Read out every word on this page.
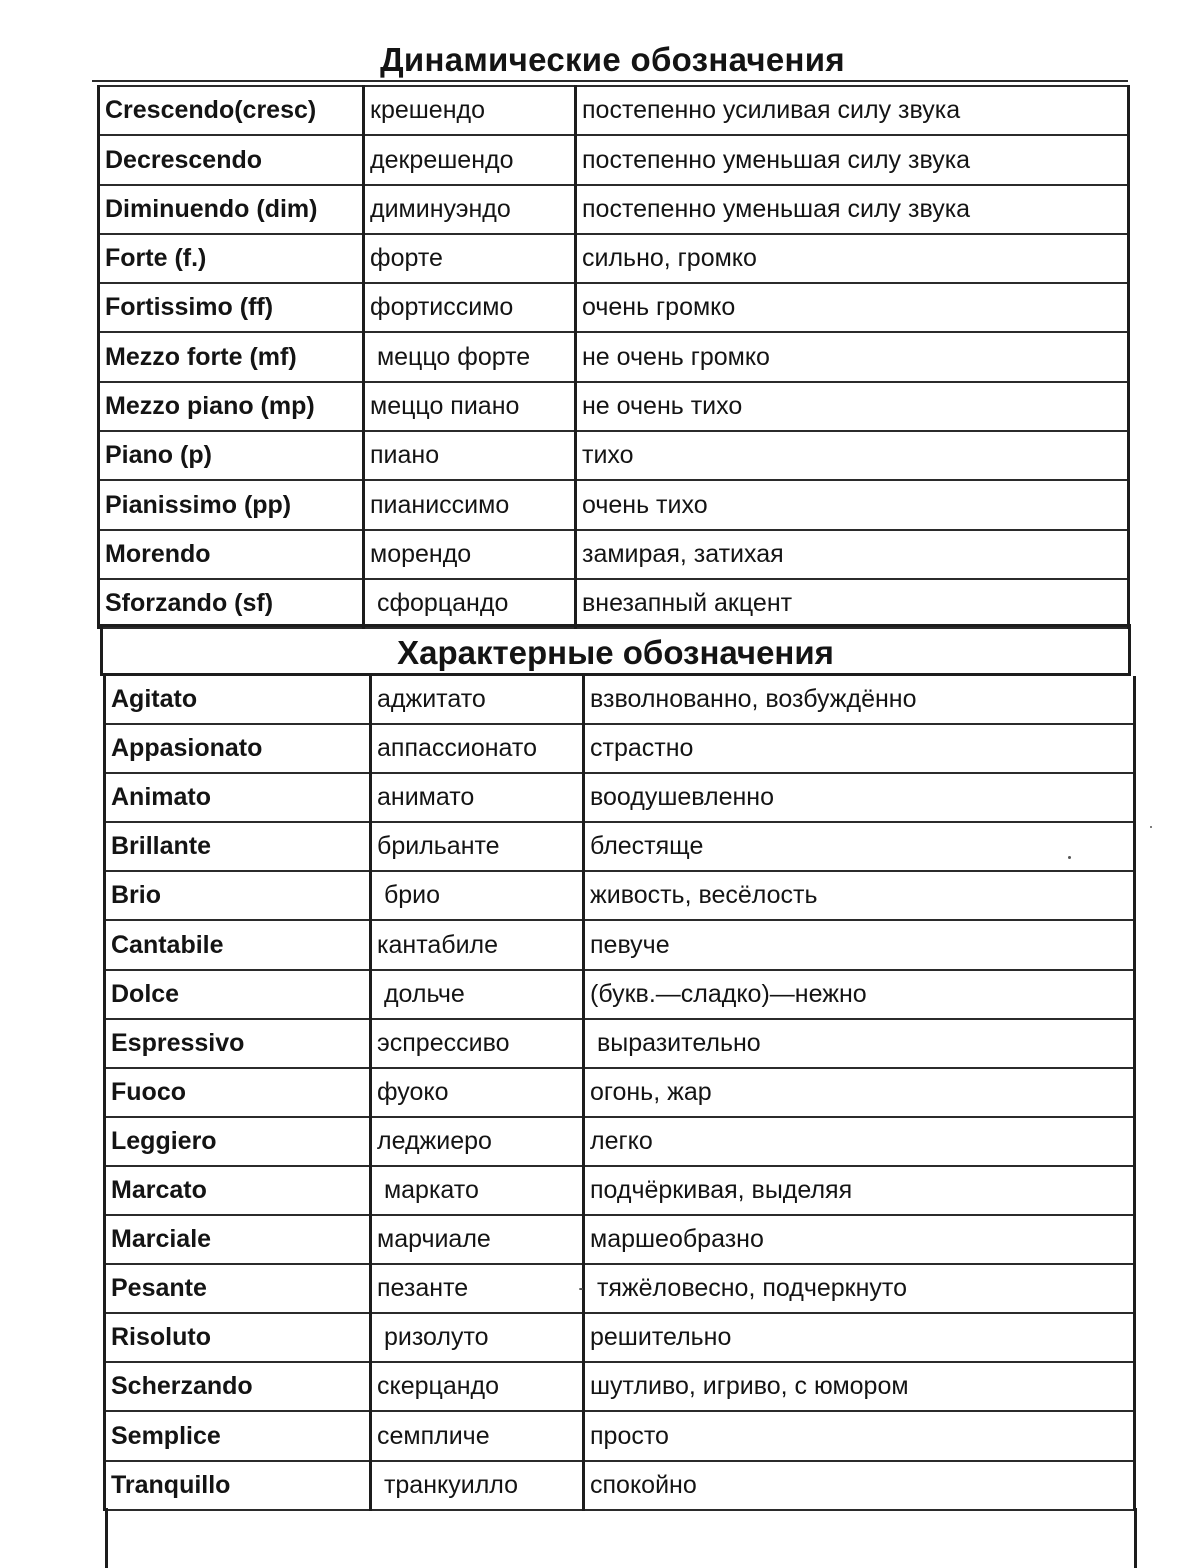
Динамические обозначения
Crescendo(cresc)	крешендо	постепенно усиливая силу звука
Decrescendo	декрешендо	постепенно уменьшая силу звука
Diminuendo (dim)	диминуэндо	постепенно уменьшая силу звука
Forte (f.)	форте	сильно, громко
Fortissimo (ff)	фортиссимо	очень громко
Mezzo forte (mf)	меццо форте	не очень громко
Mezzo piano (mp)	меццо пиано	не очень тихо
Piano (p)	пиано	тихо
Pianissimo (pp)	пианиссимо	очень тихо
Morendo	морендо	замирая, затихая
Sforzando (sf)	сфорцандо	внезапный акцент
Характерные обозначения
Agitato	аджитато	взволнованно, возбуждённо
Appasionato	аппассионато	страстно
Animato	анимато	воодушевленно
Brillante	брильанте	блестяще
Brio	брио	живость, весёлость
Cantabile	кантабиле	певуче
Dolce	дольче	(букв.—сладко)—нежно
Espressivo	эспрессиво	выразительно
Fuoco	фуоко	огонь, жар
Leggiero	леджиеро	легко
Marcato	маркато	подчёркивая, выделяя
Marciale	марчиале	маршеобразно
Pesante	пезанте	тяжёловесно, подчеркнуто
Risoluto	ризолуто	решительно
Scherzando	скерцандо	шутливо, игриво, с юмором
Semplice	семпличе	просто
Tranquillo	транкуилло	спокойно
